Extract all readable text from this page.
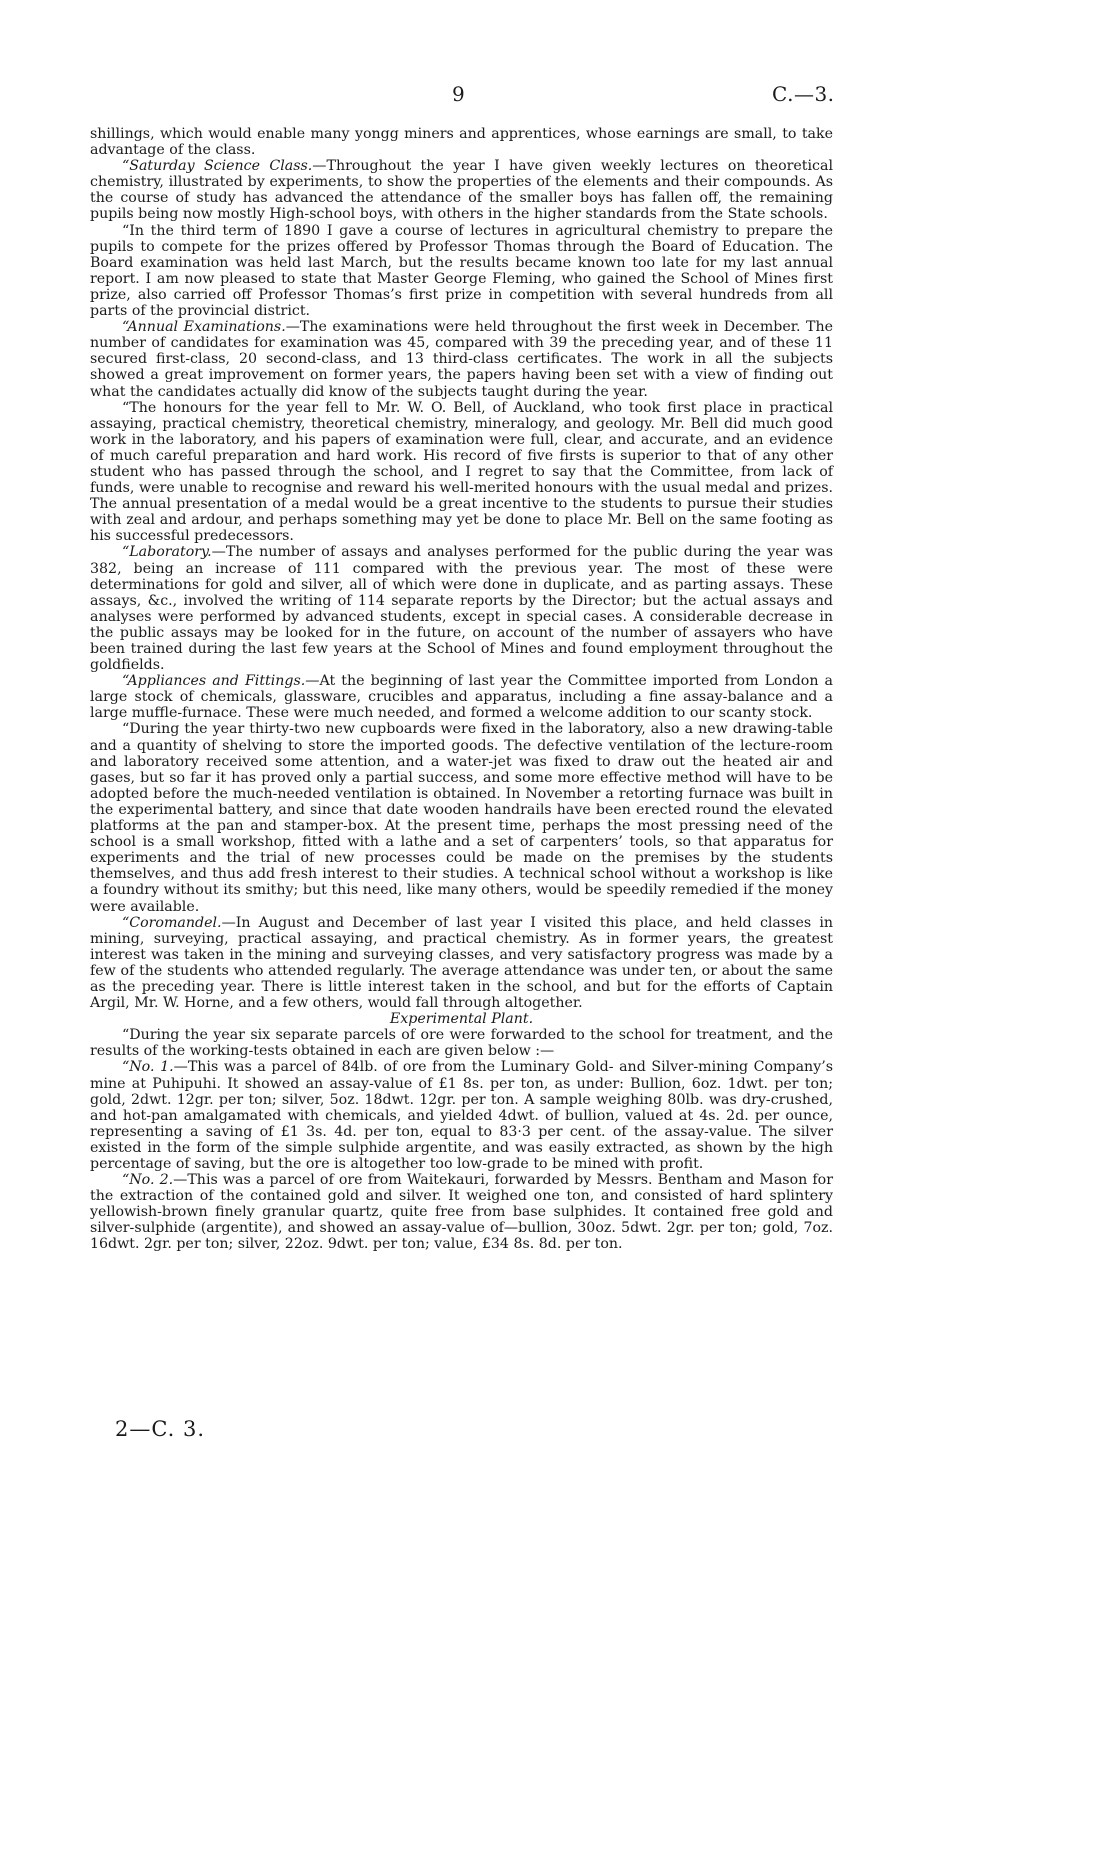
9	C.—3.

shillings, which would enable many yongg miners and apprentices, whose earnings are small, to take advantage of the class.

“Saturday Science Class.—Throughout the year I have given weekly lectures on theoretical chemistry, illustrated by experiments, to show the properties of the elements and their compounds. As the course of study has advanced the attendance of the smaller boys has fallen off, the remaining pupils being now mostly High-school boys, with others in the higher standards from the State schools.

“In the third term of 1890 I gave a course of lectures in agricultural chemistry to prepare the pupils to compete for the prizes offered by Professor Thomas through the Board of Education. The Board examination was held last March, but the results became known too late for my last annual report. I am now pleased to state that Master George Fleming, who gained the School of Mines first prize, also carried off Professor Thomas’s first prize in competition with several hundreds from all parts of the provincial district.

“Annual Examinations.—The examinations were held throughout the first week in December. The number of candidates for examination was 45, compared with 39 the preceding year, and of these 11 secured first-class, 20 second-class, and 13 third-class certificates. The work in all the subjects showed a great improvement on former years, the papers having been set with a view of finding out what the candidates actually did know of the subjects taught during the year.

“The honours for the year fell to Mr. W. O. Bell, of Auckland, who took first place in practical assaying, practical chemistry, theoretical chemistry, mineralogy, and geology. Mr. Bell did much good work in the laboratory, and his papers of examination were full, clear, and accurate, and an evidence of much careful preparation and hard work. His record of five firsts is superior to that of any other student who has passed through the school, and I regret to say that the Committee, from lack of funds, were unable to recognise and reward his well-merited honours with the usual medal and prizes. The annual presentation of a medal would be a great incentive to the students to pursue their studies with zeal and ardour, and perhaps something may yet be done to place Mr. Bell on the same footing as his successful predecessors.

“Laboratory.—The number of assays and analyses performed for the public during the year was 382, being an increase of 111 compared with the previous year. The most of these were determinations for gold and silver, all of which were done in duplicate, and as parting assays. These assays, &c., involved the writing of 114 separate reports by the Director; but the actual assays and analyses were performed by advanced students, except in special cases. A considerable decrease in the public assays may be looked for in the future, on account of the number of assayers who have been trained during the last few years at the School of Mines and found employment throughout the goldfields.

“Appliances and Fittings.—At the beginning of last year the Committee imported from London a large stock of chemicals, glassware, crucibles and apparatus, including a fine assay-balance and a large muffle-furnace. These were much needed, and formed a welcome addition to our scanty stock.

“During the year thirty-two new cupboards were fixed in the laboratory, also a new drawing-table and a quantity of shelving to store the imported goods. The defective ventilation of the lecture-room and laboratory received some attention, and a water-jet was fixed to draw out the heated air and gases, but so far it has proved only a partial success, and some more effective method will have to be adopted before the much-needed ventilation is obtained. In November a retorting furnace was built in the experimental battery, and since that date wooden handrails have been erected round the elevated platforms at the pan and stamper-box. At the present time, perhaps the most pressing need of the school is a small workshop, fitted with a lathe and a set of carpenters’ tools, so that apparatus for experiments and the trial of new processes could be made on the premises by the students themselves, and thus add fresh interest to their studies. A technical school without a workshop is like a foundry without its smithy; but this need, like many others, would be speedily remedied if the money were available.

“Coromandel.—In August and December of last year I visited this place, and held classes in mining, surveying, practical assaying, and practical chemistry. As in former years, the greatest interest was taken in the mining and surveying classes, and very satisfactory progress was made by a few of the students who attended regularly. The average attendance was under ten, or about the same as the preceding year. There is little interest taken in the school, and but for the efforts of Captain Argil, Mr. W. Horne, and a few others, would fall through altogether.

Experimental Plant.

“During the year six separate parcels of ore were forwarded to the school for treatment, and the results of the working-tests obtained in each are given below :—

“No. 1.—This was a parcel of 84lb. of ore from the Luminary Gold- and Silver-mining Company’s mine at Puhipuhi. It showed an assay-value of £1 8s. per ton, as under: Bullion, 6oz. 1dwt. per ton; gold, 2dwt. 12gr. per ton; silver, 5oz. 18dwt. 12gr. per ton. A sample weighing 80lb. was dry-crushed, and hot-pan amalgamated with chemicals, and yielded 4dwt. of bullion, valued at 4s. 2d. per ounce, representing a saving of £1 3s. 4d. per ton, equal to 83·3 per cent. of the assay-value. The silver existed in the form of the simple sulphide argentite, and was easily extracted, as shown by the high percentage of saving, but the ore is altogether too low-grade to be mined with profit.

“No. 2.—This was a parcel of ore from Waitekauri, forwarded by Messrs. Bentham and Mason for the extraction of the contained gold and silver. It weighed one ton, and consisted of hard splintery yellowish-brown finely granular quartz, quite free from base sulphides. It contained free gold and silver-sulphide (argentite), and showed an assay-value of—bullion, 30oz. 5dwt. 2gr. per ton; gold, 7oz. 16dwt. 2gr. per ton; silver, 22oz. 9dwt. per ton; value, £34 8s. 8d. per ton.

2—C. 3.
